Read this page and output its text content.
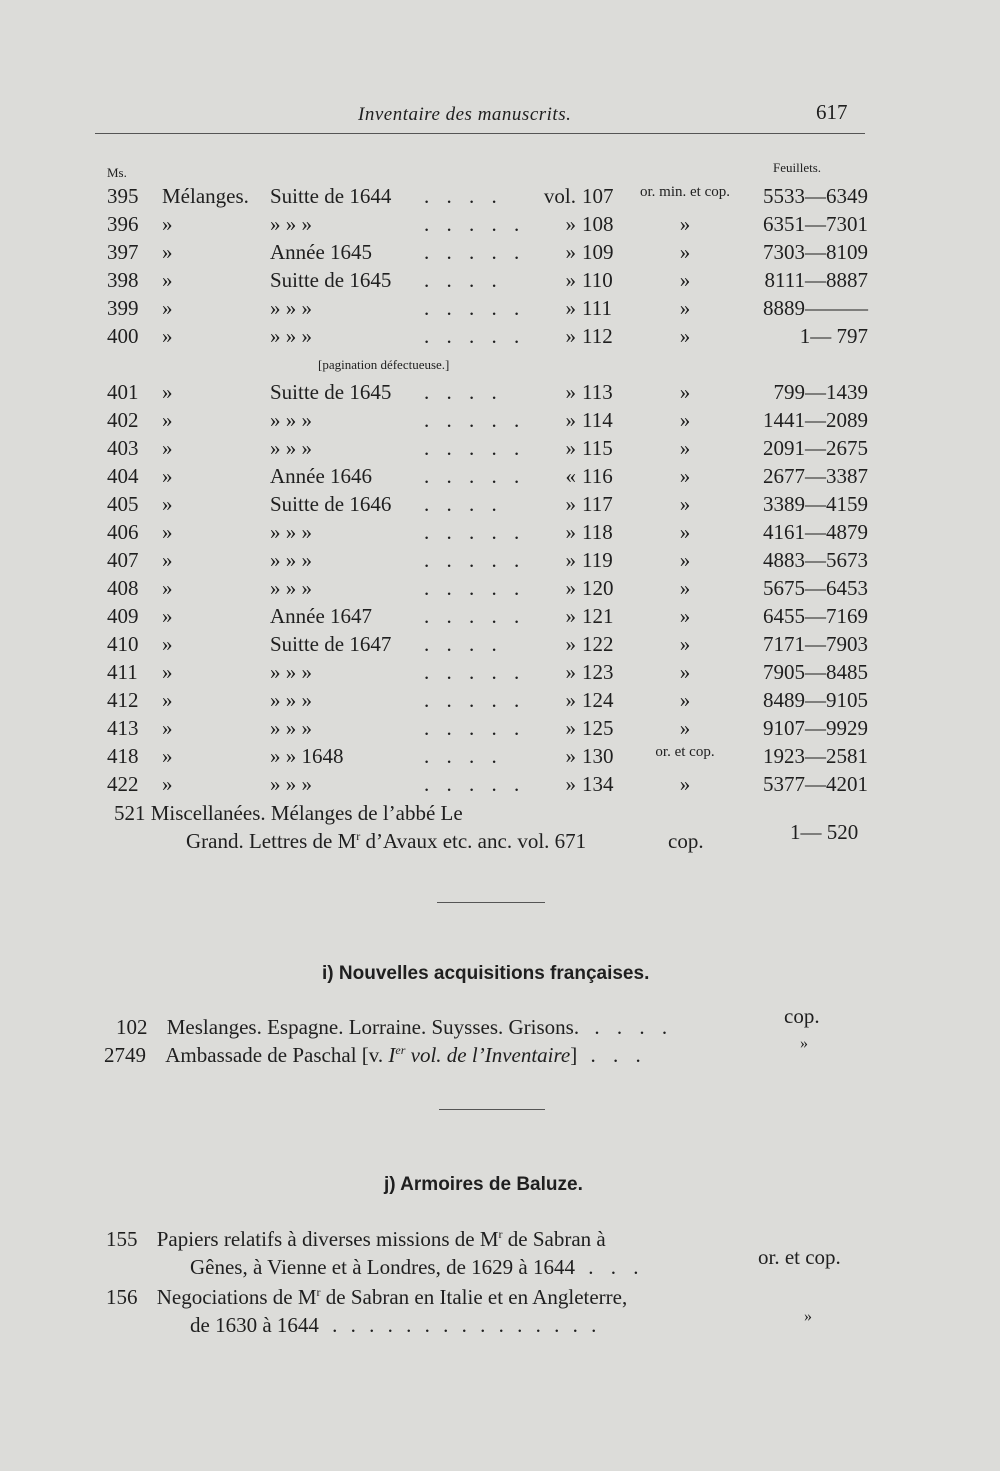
Inventaire des manuscrits.	617
Ms.	Feuillets.
395 Mélanges. Suitte de 1644 . . . .	vol. 107	or. min. et cop.	5533—6349
396 »	» » »	. . . . .	» 108	»	6351—7301
397 »	Année 1645 . . . . .	» 109	»	7303—8109
398 »	Suitte de 1645 . . . .	» 110	»	8111—8887
399 »	» » »	. . . . .	» 111	»	8889———
400 »	» » »	. . . . .	» 112	»	1— 797
401 »	Suitte de 1645 . . . .	» 113	»	799—1439
402 »	» » »	. . . . .	» 114	»	1441—2089
403 »	» » »	. . . . .	» 115	»	2091—2675
404 »	Année 1646 . . . . .	« 116	»	2677—3387
405 »	Suitte de 1646 . . . .	» 117	»	3389—4159
406 »	» » »	. . . . .	» 118	»	4161—4879
407 »	» » »	. . . . .	» 119	»	4883—5673
408 »	» » »	. . . . .	» 120	»	5675—6453
409 »	Année 1647 . . . . .	» 121	»	6455—7169
410 »	Suitte de 1647 . . . .	» 122	»	7171—7903
411 »	» » »	. . . . .	» 123	»	7905—8485
412 »	» » »	. . . . .	» 124	»	8489—9105
413 »	» » »	. . . . .	» 125	»	9107—9929
418 »	» » 1648	. . . .	» 130	or. et cop.	1923—2581
422 »	» » »	. . . . .	» 134	»	5377—4201
[pagination défectueuse.]
521 Miscellanées. Mélanges de l’abbé Le
Grand. Lettres de $M^r$ d’Avaux etc. anc. vol. 671	cop.	1— 520
i) Nouvelles acquisitions françaises.
102 Meslanges. Espagne. Lorraine. Suysses. Grisons. . . . .	cop.
2749 Ambassade de Paschal [v. Ier vol. de l’Inventaire] . . .	»
j) Armoires de Baluze.
155 Papiers relatifs à diverses missions de $M^r$ de Sabran à
Gênes, à Vienne et à Londres, de 1629 à 1644 . . .	or. et cop.
156 Negociations de $M^r$ de Sabran en Italie et en Angleterre,
de 1630 à 1644 . . . . . . . . . . . . . . .	»
